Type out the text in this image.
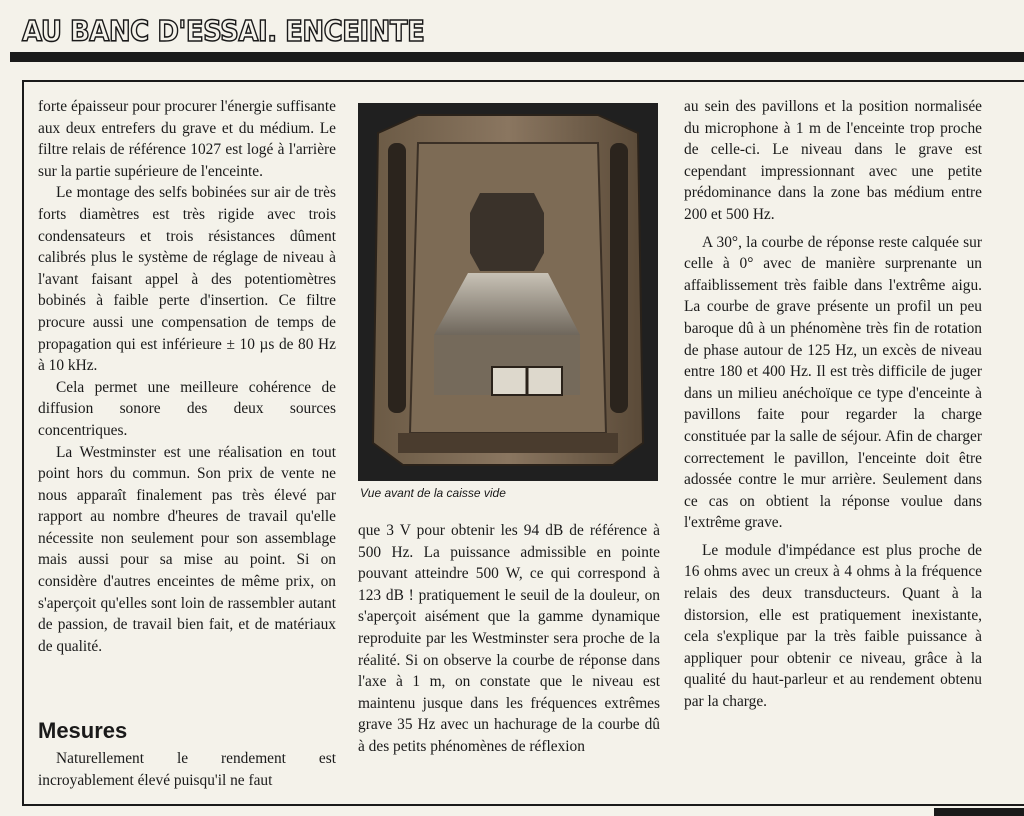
AU BANC D'ESSAI. ENCEINTE

forte épaisseur pour procurer l'énergie suffisante aux deux entrefers du grave et du médium. Le filtre relais de référence 1027 est logé à l'arrière sur la partie supérieure de l'enceinte.

Le montage des selfs bobinées sur air de très forts diamètres est très rigide avec trois condensateurs et trois résistances dûment calibrés plus le système de réglage de niveau à l'avant faisant appel à des potentiomètres bobinés à faible perte d'insertion. Ce filtre procure aussi une compensation de temps de propagation qui est inférieure ± 10 µs de 80 Hz à 10 kHz.

Cela permet une meilleure cohérence de diffusion sonore des deux sources concentriques.

La Westminster est une réalisation en tout point hors du commun. Son prix de vente ne nous apparaît finalement pas très élevé par rapport au nombre d'heures de travail qu'elle nécessite non seulement pour son assemblage mais aussi pour sa mise au point. Si on considère d'autres enceintes de même prix, on s'aperçoit qu'elles sont loin de rassembler autant de passion, de travail bien fait, et de matériaux de qualité.

Mesures

Naturellement le rendement est incroyablement élevé puisqu'il ne faut

Vue avant de la caisse vide

que 3 V pour obtenir les 94 dB de référence à 500 Hz. La puissance admissible en pointe pouvant atteindre 500 W, ce qui correspond à 123 dB ! pratiquement le seuil de la douleur, on s'aperçoit aisément que la gamme dynamique reproduite par les Westminster sera proche de la réalité. Si on observe la courbe de réponse dans l'axe à 1 m, on constate que le niveau est maintenu jusque dans les fréquences extrêmes grave 35 Hz avec un hachurage de la courbe dû à des petits phénomènes de réflexion

au sein des pavillons et la position normalisée du microphone à 1 m de l'enceinte trop proche de celle-ci. Le niveau dans le grave est cependant impressionnant avec une petite prédominance dans la zone bas médium entre 200 et 500 Hz.

A 30°, la courbe de réponse reste calquée sur celle à 0° avec de manière surprenante un affaiblissement très faible dans l'extrême aigu. La courbe de grave présente un profil un peu baroque dû à un phénomène très fin de rotation de phase autour de 125 Hz, un excès de niveau entre 180 et 400 Hz. Il est très difficile de juger dans un milieu anéchoïque ce type d'enceinte à pavillons faite pour regarder la charge constituée par la salle de séjour. Afin de charger correctement le pavillon, l'enceinte doit être adossée contre le mur arrière. Seulement dans ce cas on obtient la réponse voulue dans l'extrême grave.

Le module d'impédance est plus proche de 16 ohms avec un creux à 4 ohms à la fréquence relais des deux transducteurs. Quant à la distorsion, elle est pratiquement inexistante, cela s'explique par la très faible puissance à appliquer pour obtenir ce niveau, grâce à la qualité du haut-parleur et au rendement obtenu par la charge.
